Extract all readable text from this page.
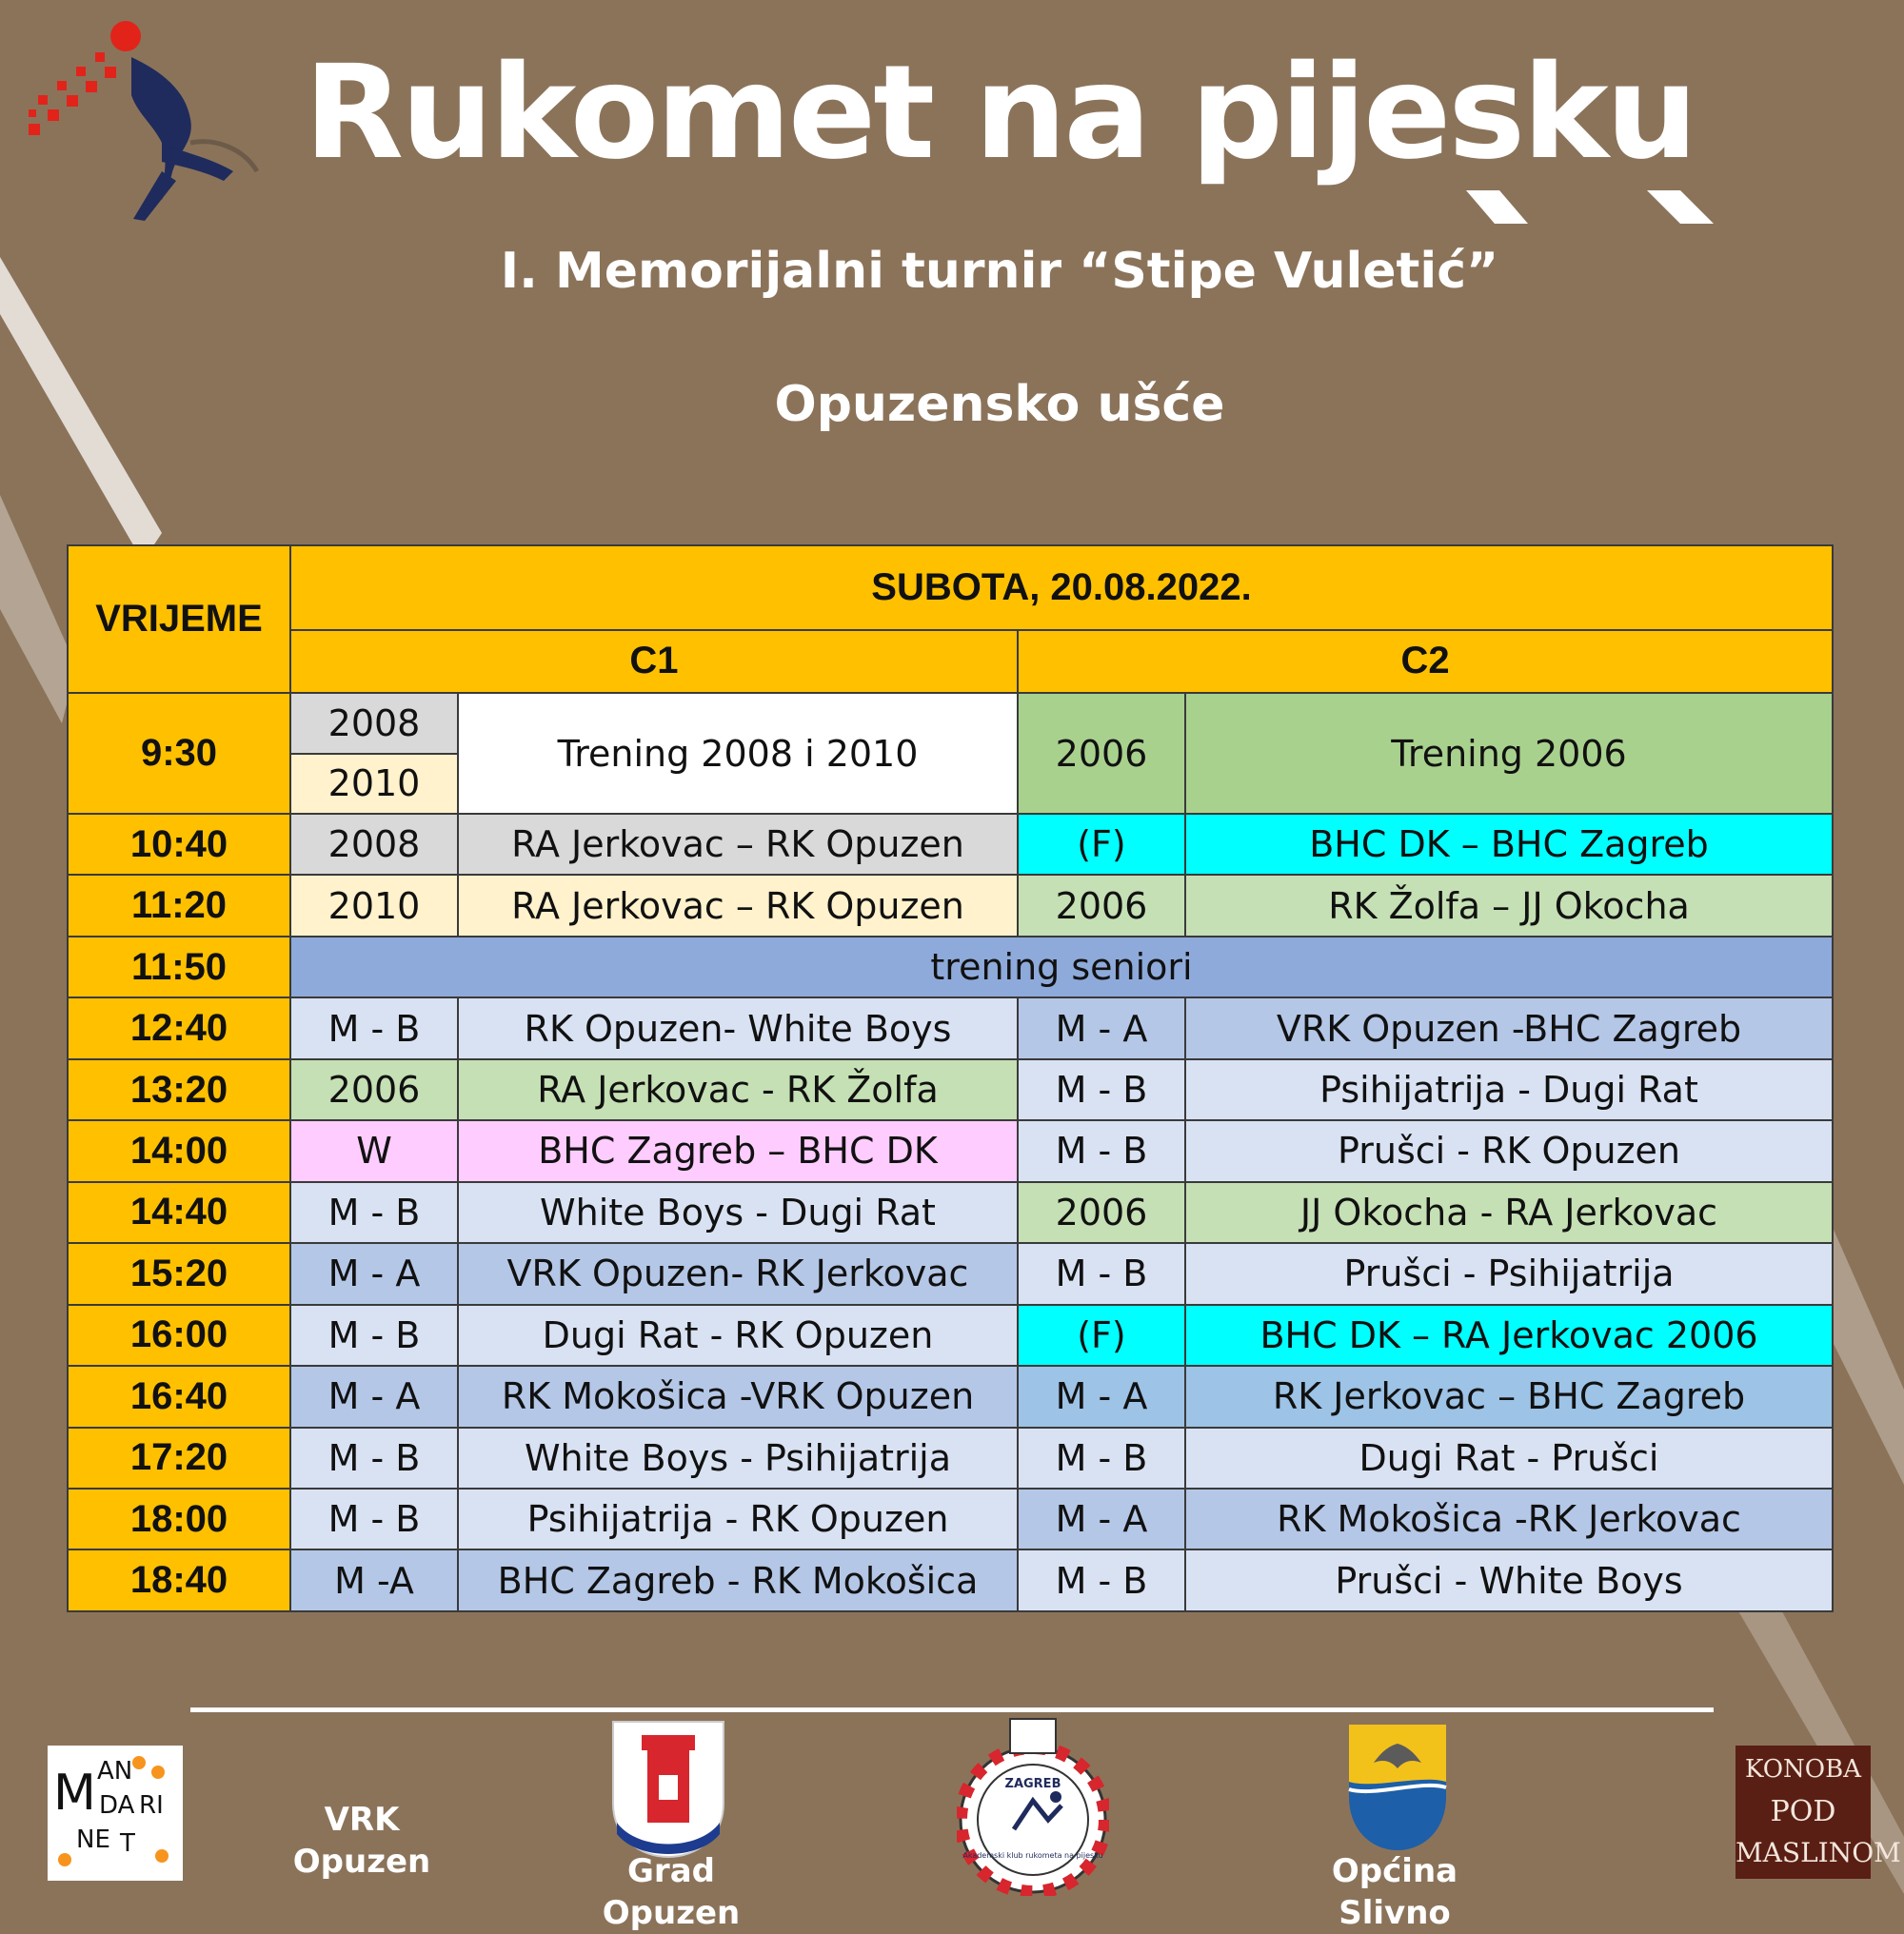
Rukomet na pijesku
I. Memorijalni turnir “Stipe Vuletić”
Opuzensko ušće
VRIJEME	SUBOTA, 20.08.2022.			
	C1		C2	
9:30	2008	Trening 2008 i 2010	2006	Trening 2006
	2010			
10:40	2008	RA Jerkovac – RK Opuzen	(F)	BHC DK – BHC Zagreb
11:20	2010	RA Jerkovac – RK Opuzen	2006	RK Žolfa – JJ Okocha
11:50	trening seniori			
12:40	M - B	RK Opuzen- White Boys	M - A	VRK Opuzen -BHC Zagreb
13:20	2006	RA Jerkovac - RK Žolfa	M - B	Psihijatrija - Dugi Rat
14:00	W	BHC Zagreb – BHC DK	M - B	Prušci - RK Opuzen
14:40	M - B	White Boys - Dugi Rat	2006	JJ Okocha - RA Jerkovac
15:20	M - A	VRK Opuzen- RK Jerkovac	M - B	Prušci - Psihijatrija
16:00	M - B	Dugi Rat - RK Opuzen	(F)	BHC DK – RA Jerkovac 2006
16:40	M - A	RK Mokošica -VRK Opuzen	M - A	RK Jerkovac – BHC Zagreb
17:20	M - B	White Boys - Psihijatrija	M - B	Dugi Rat - Prušci
18:00	M - B	Psihijatrija - RK Opuzen	M - A	RK Mokošica -RK Jerkovac
18:40	M -A	BHC Zagreb - RK Mokošica	M - B	Prušci - White Boys
M AN
DA RI
NE T
VRK
Opuzen	Grad Opuzen
ZAGREB
Akademski klub rukometa na pijesku	Općina Slivno
KONOBA
POD
MASLINOM
